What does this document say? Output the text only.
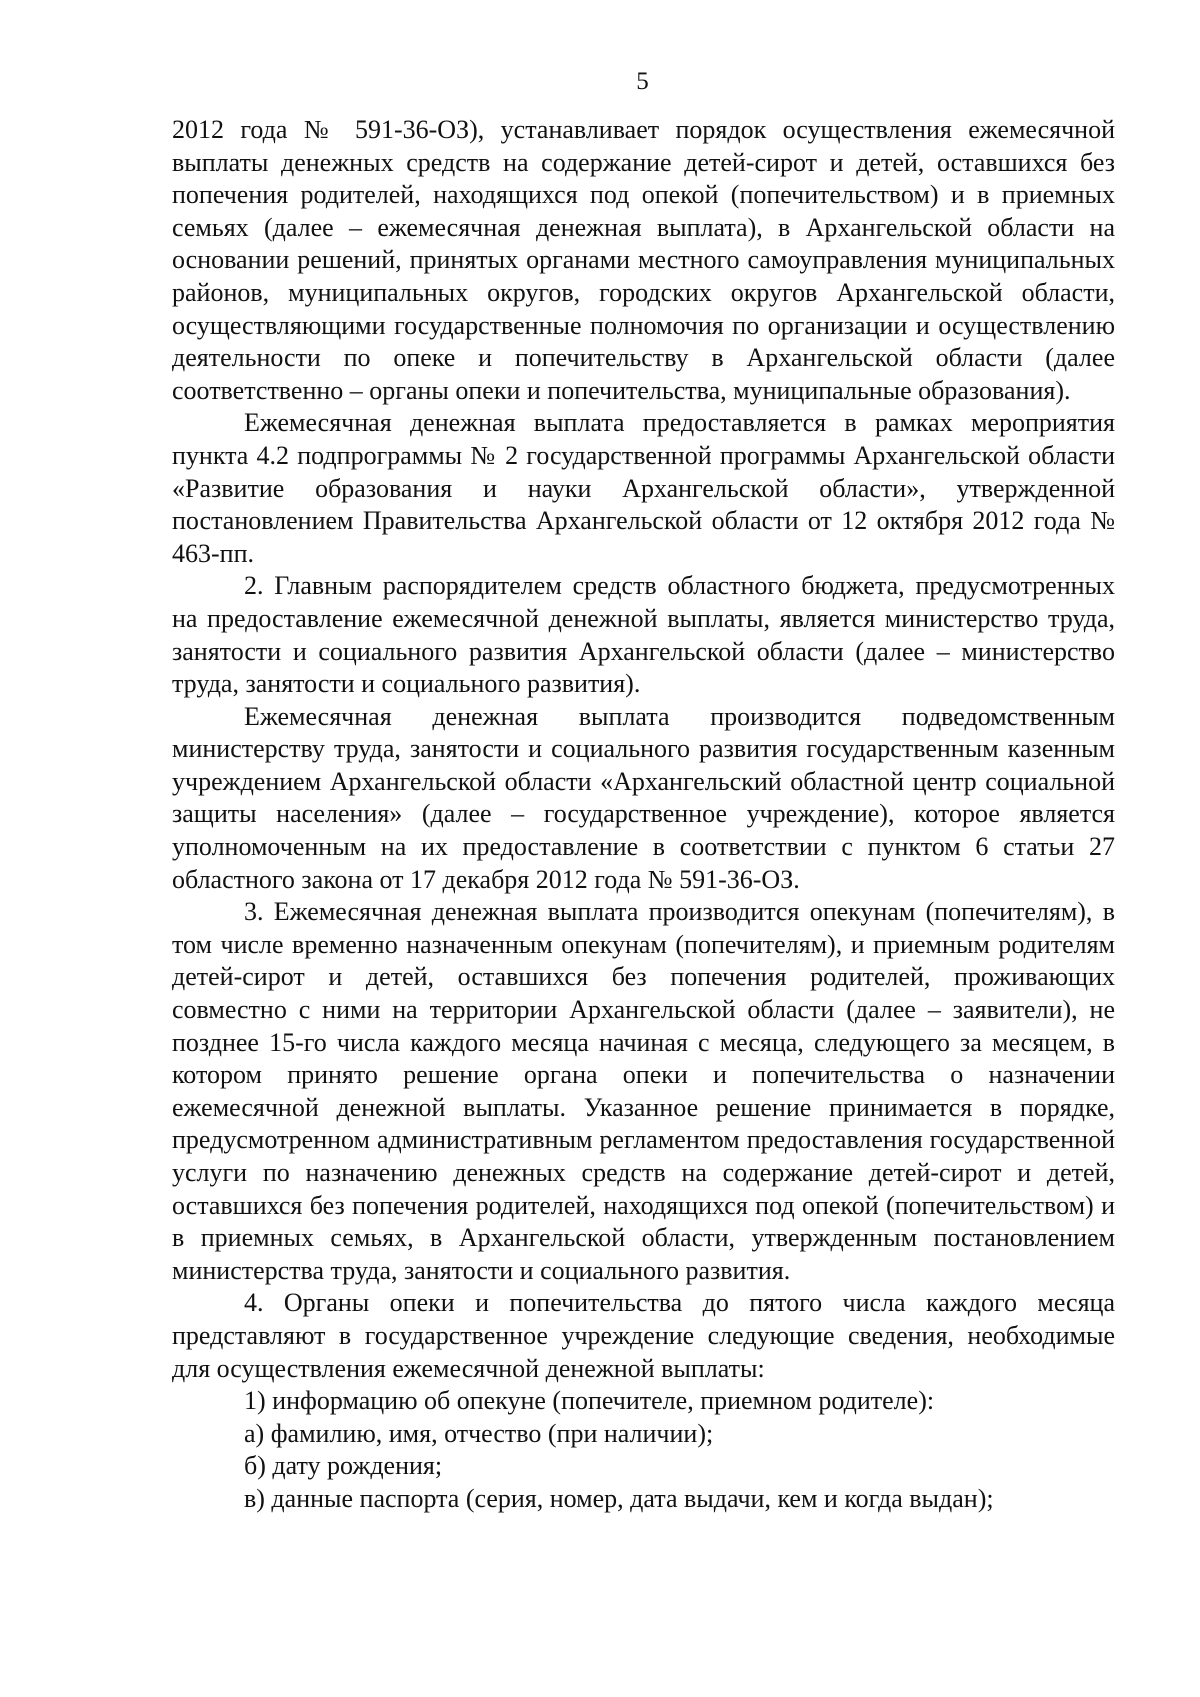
5

2012 года № 591-36-ОЗ), устанавливает порядок осуществления ежемесячной выплаты денежных средств на содержание детей-сирот и детей, оставшихся без попечения родителей, находящихся под опекой (попечительством) и в приемных семьях (далее – ежемесячная денежная выплата), в Архангельской области на основании решений, принятых органами местного самоуправления муниципальных районов, муниципальных округов, городских округов Архангельской области, осуществляющими государственные полномочия по организации и осуществлению деятельности по опеке и попечительству в Архангельской области (далее соответственно – органы опеки и попечительства, муниципальные образования).

Ежемесячная денежная выплата предоставляется в рамках мероприятия пункта 4.2 подпрограммы № 2 государственной программы Архангельской области «Развитие образования и науки Архангельской области», утвержденной постановлением Правительства Архангельской области от 12 октября 2012 года № 463-пп.

2. Главным распорядителем средств областного бюджета, предусмотренных на предоставление ежемесячной денежной выплаты, является министерство труда, занятости и социального развития Архангельской области (далее – министерство труда, занятости и социального развития).

Ежемесячная денежная выплата производится подведомственным министерству труда, занятости и социального развития государственным казенным учреждением Архангельской области «Архангельский областной центр социальной защиты населения» (далее – государственное учреждение), которое является уполномоченным на их предоставление в соответствии с пунктом 6 статьи 27 областного закона от 17 декабря 2012 года № 591-36-ОЗ.

3. Ежемесячная денежная выплата производится опекунам (попечителям), в том числе временно назначенным опекунам (попечителям), и приемным родителям детей-сирот и детей, оставшихся без попечения родителей, проживающих совместно с ними на территории Архангельской области (далее – заявители), не позднее 15-го числа каждого месяца начиная с месяца, следующего за месяцем, в котором принято решение органа опеки и попечительства о назначении ежемесячной денежной выплаты. Указанное решение принимается в порядке, предусмотренном административным регламентом предоставления государственной услуги по назначению денежных средств на содержание детей-сирот и детей, оставшихся без попечения родителей, находящихся под опекой (попечительством) и в приемных семьях, в Архангельской области, утвержденным постановлением министерства труда, занятости и социального развития.

4. Органы опеки и попечительства до пятого числа каждого месяца представляют в государственное учреждение следующие сведения, необходимые для осуществления ежемесячной денежной выплаты:

1) информацию об опекуне (попечителе, приемном родителе):

а) фамилию, имя, отчество (при наличии);

б) дату рождения;

в) данные паспорта (серия, номер, дата выдачи, кем и когда выдан);
